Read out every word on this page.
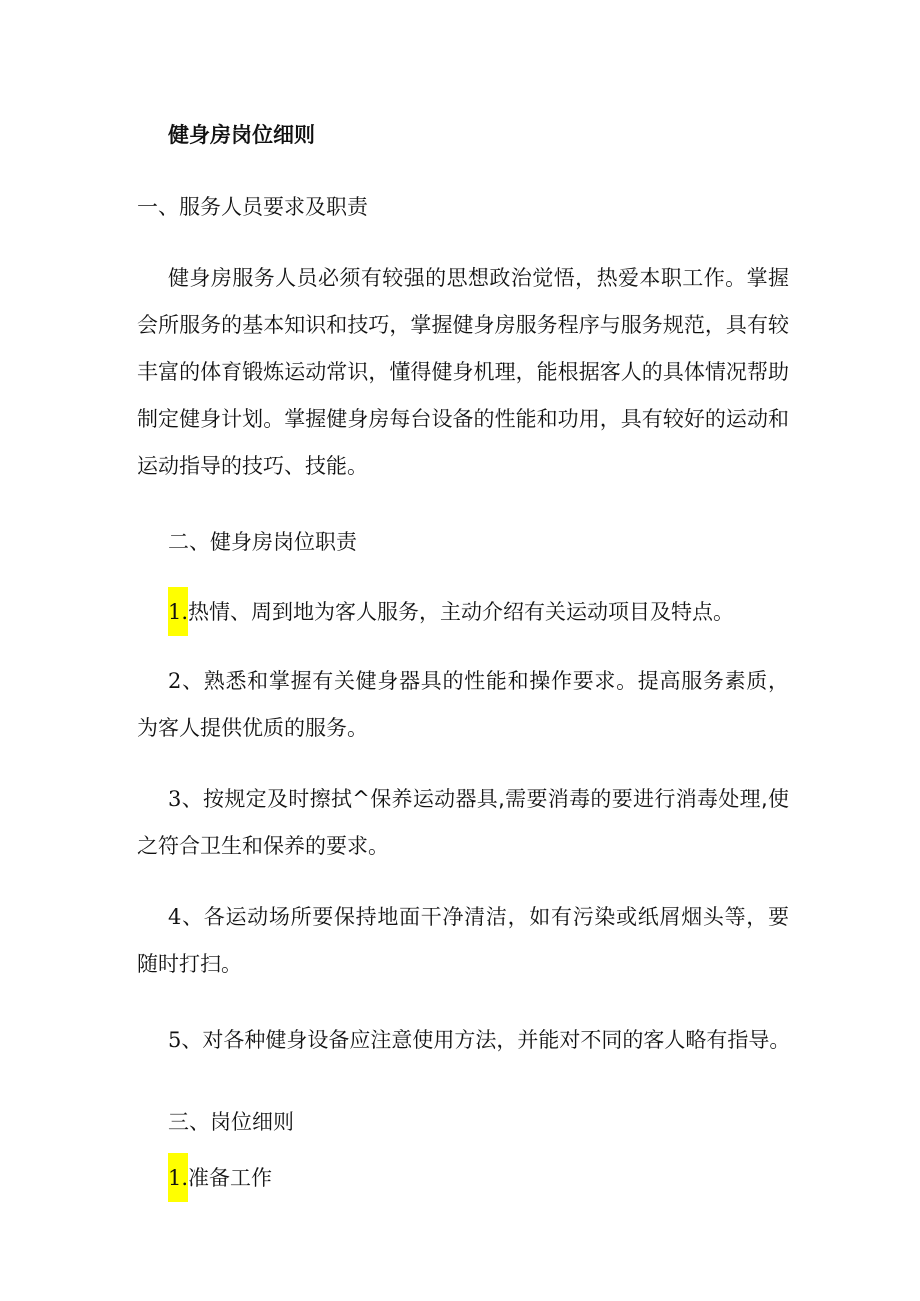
健身房岗位细则
一、服务人员要求及职责
健身房服务人员必须有较强的思想政治觉悟，热爱本职工作。掌握会所服务的基本知识和技巧，掌握健身房服务程序与服务规范，具有较丰富的体育锻炼运动常识，懂得健身机理，能根据客人的具体情况帮助制定健身计划。掌握健身房每台设备的性能和功用，具有较好的运动和运动指导的技巧、技能。
二、健身房岗位职责
1.热情、周到地为客人服务，主动介绍有关运动项目及特点。
2、熟悉和掌握有关健身器具的性能和操作要求。提高服务素质，为客人提供优质的服务。
3、按规定及时擦拭^保养运动器具,需要消毒的要进行消毒处理,使之符合卫生和保养的要求。
4、各运动场所要保持地面干净清洁，如有污染或纸屑烟头等，要随时打扫。
5、对各种健身设备应注意使用方法，并能对不同的客人略有指导。
三、岗位细则
1.准备工作
